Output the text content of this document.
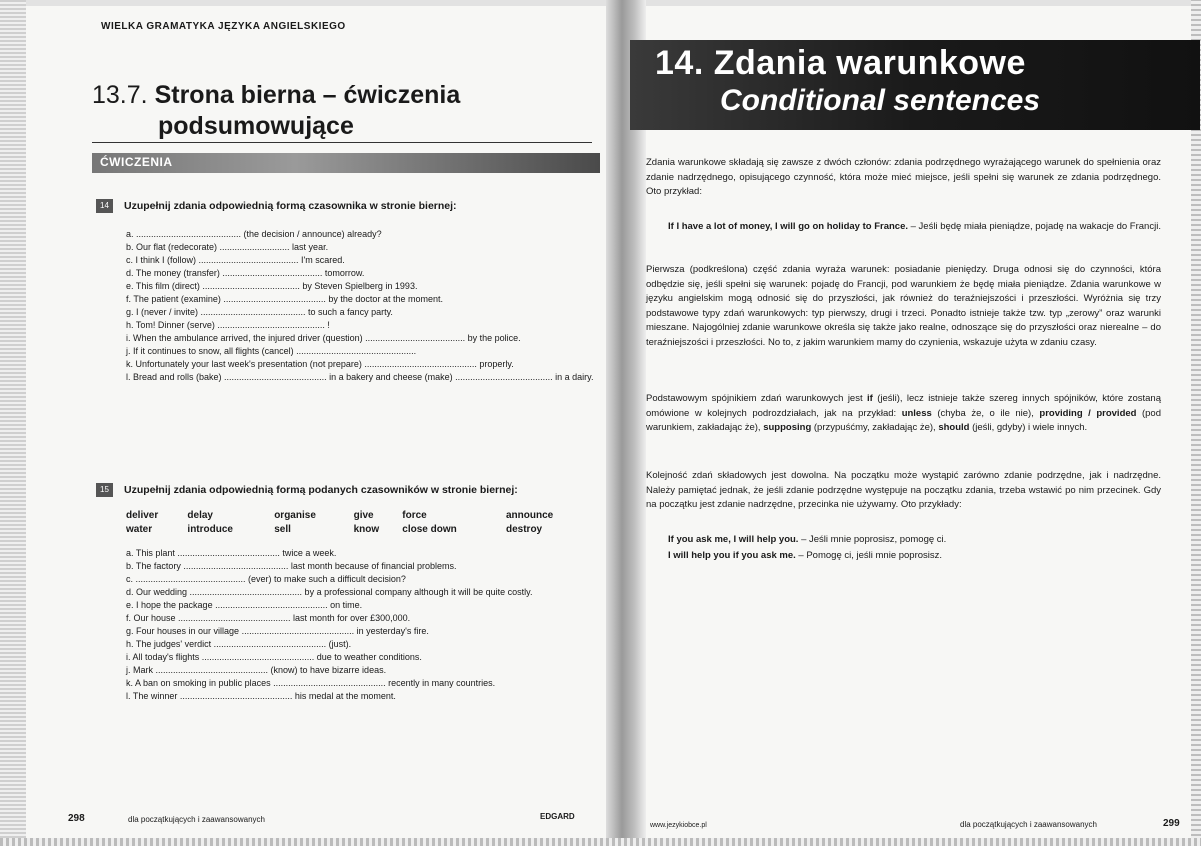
WIELKA GRAMATYKA JĘZYKA ANGIELSKIEGO
13.7. Strona bierna – ćwiczenia
podsumowujące
ĆWICZENIA
14	Uzupełnij zdania odpowiednią formą czasownika w stronie biernej:
a. .......................................... (the decision / announce) already?
b. Our flat (redecorate) ............................ last year.
c. I think I (follow) ........................................ I'm scared.
d. The money (transfer) ........................................ tomorrow.
e. This film (direct) ....................................... by Steven Spielberg in 1993.
f. The patient (examine) ......................................... by the doctor at the moment.
g. I (never / invite) .......................................... to such a fancy party.
h. Tom! Dinner (serve) ........................................... !
i. When the ambulance arrived, the injured driver (question) ........................................ by the police.
j. If it continues to snow, all flights (cancel) ................................................
k. Unfortunately your last week's presentation (not prepare) ............................................. properly.
l. Bread and rolls (bake) ......................................... in a bakery and cheese (make) ....................................... in a dairy.
15	Uzupełnij zdania odpowiednią formą podanych czasowników w stronie biernej:
deliver	delay	organise	give	force	announce
water	introduce	sell	know	close down	destroy
a. This plant ......................................... twice a week.
b. The factory .......................................... last month because of financial problems.
c. ............................................ (ever) to make such a difficult decision?
d. Our wedding ............................................. by a professional company although it will be quite costly.
e. I hope the package ............................................. on time.
f. Our house ............................................. last month for over £300,000.
g. Four houses in our village ............................................. in yesterday's fire.
h. The judges' verdict ............................................. (just).
i. All today's flights ............................................. due to weather conditions.
j. Mark ............................................. (know) to have bizarre ideas.
k. A ban on smoking in public places ............................................. recently in many countries.
l. The winner ............................................. his medal at the moment.
298	dla początkujących i zaawansowanych	EDGARD
14. Zdania warunkowe
Conditional sentences

Zdania warunkowe składają się zawsze z dwóch członów: zdania podrzędnego wyrażającego warunek do spełnienia oraz zdanie nadrzędnego, opisującego czynność, która może mieć miejsce, jeśli spełni się warunek ze zdania podrzędnego. Oto przykład:

If I have a lot of money, I will go on holiday to France. – Jeśli będę miała pieniądze, pojadę na wakacje do Francji.

Pierwsza (podkreślona) część zdania wyraża warunek: posiadanie pieniędzy. Druga odnosi się do czynności, która odbędzie się, jeśli spełni się warunek: pojadę do Francji, pod warunkiem że będę miała pieniądze. Zdania warunkowe w języku angielskim mogą odnosić się do przyszłości, jak również do teraźniejszości i przeszłości. Wyróżnia się trzy podstawowe typy zdań warunkowych: typ pierwszy, drugi i trzeci. Ponadto istnieje także tzw. typ „zerowy” oraz warunki mieszane. Najogólniej zdanie warunkowe określa się także jako realne, odnoszące się do przyszłości oraz nierealne – do teraźniejszości i przeszłości. No to, z jakim warunkiem mamy do czynienia, wskazuje użyta w zdaniu czasy.

Podstawowym spójnikiem zdań warunkowych jest if (jeśli), lecz istnieje także szereg innych spójników, które zostaną omówione w kolejnych podrozdziałach, jak na przykład: unless (chyba że, o ile nie), providing / provided (pod warunkiem, zakładając że), supposing (przypuśćmy, zakładając że), should (jeśli, gdyby) i wiele innych.

Kolejność zdań składowych jest dowolna. Na początku może wystąpić zarówno zdanie podrzędne, jak i nadrzędne. Należy pamiętać jednak, że jeśli zdanie podrzędne występuje na początku zdania, trzeba wstawić po nim przecinek. Gdy na początku jest zdanie nadrzędne, przecinka nie używamy. Oto przykłady:

If you ask me, I will help you. – Jeśli mnie poprosisz, pomogę ci.
I will help you if you ask me. – Pomogę ci, jeśli mnie poprosisz.
www.jezykiobce.pl	dla początkujących i zaawansowanych	299
